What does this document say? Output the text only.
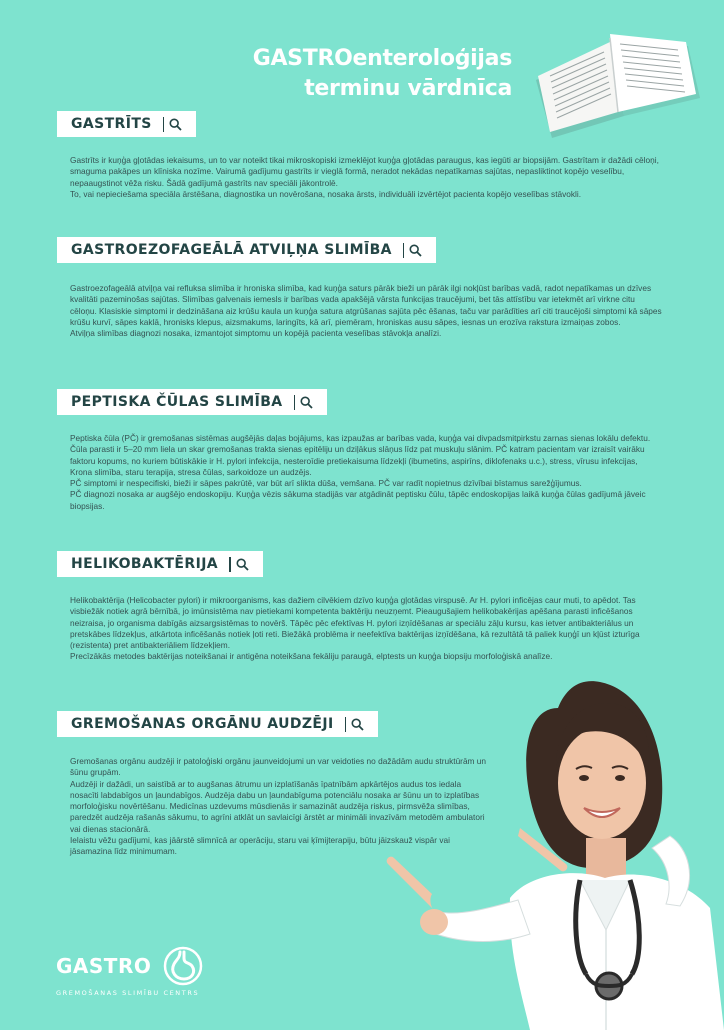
GASTROenteroloģijas
terminu vārdnīca
GASTRĪTS

Gastrīts ir kuņģa gļotādas iekaisums, un to var noteikt tikai mikroskopiski izmeklējot kuņģa gļotādas paraugus, kas iegūti ar biopsijām. Gastrītam ir dažādi cēloņi, smaguma pakāpes un klīniska nozīme. Vairumā gadījumu gastrīts ir vieglā formā, neradot nekādas nepatīkamas sajūtas, nepasliktinot kopējo veselību, nepaaugstinot vēža risku. Šādā gadījumā gastrīts nav speciāli jākontrolē.

To, vai nepieciešama speciāla ārstēšana, diagnostika un novērošana, nosaka ārsts, individuāli izvērtējot pacienta kopējo veselības stāvokli.

GASTROEZOFAGEĀLĀ ATVIĻŅA SLIMĪBA

Gastroezofageālā atviļņa vai refluksa slimība ir hroniska slimība, kad kuņģa saturs pārāk bieži un pārāk ilgi nokļūst barības vadā, radot nepatīkamas un dzīves kvalitāti pazeminošas sajūtas. Slimības galvenais iemesls ir barības vada apakšējā vārsta funkcijas traucējumi, bet tās attīstību var ietekmēt arī virkne citu cēloņu. Klasiskie simptomi ir dedzināšana aiz krūšu kaula un kuņģa satura atgrūšanas sajūta pēc ēšanas, taču var parādīties arī citi traucējoši simptomi kā sāpes krūšu kurvī, sāpes kaklā, hronisks klepus, aizsmakums, laringīts, kā arī, piemēram, hroniskas ausu sāpes, iesnas un erozīva rakstura izmaiņas zobos.

Atviļņa slimības diagnozi nosaka, izmantojot simptomu un kopējā pacienta veselības stāvokļa analīzi.

PEPTISKA ČŪLAS SLIMĪBA

Peptiska čūla (PČ) ir gremošanas sistēmas augšējās daļas bojājums, kas izpaužas ar barības vada, kuņģa vai divpadsmitpirkstu zarnas sienas lokālu defektu. Čūla parasti ir 5–20 mm liela un skar gremošanas trakta sienas epitēliju un dziļākus slāņus līdz pat muskuļu slānim. PČ katram pacientam var izraisīt vairāku faktoru kopums, no kuriem būtiskākie ir H. pylori infekcija, nesteroīdie pretiekaisuma līdzekļi (ibumetins, aspirīns, diklofenaks u.c.), stress, vīrusu infekcijas, Krona slimība, staru terapija, stresa čūlas, sarkoidoze un audzējs.

PČ simptomi ir nespecifiski, bieži ir sāpes pakrūtē, var būt arī slikta dūša, vemšana. PČ var radīt nopietnus dzīvībai bīstamus sarežģījumus.

PČ diagnozi nosaka ar augšējo endoskopiju. Kuņģa vēzis sākuma stadijās var atgādināt peptisku čūlu, tāpēc endoskopijas laikā kuņģa čūlas gadījumā jāveic biopsijas.

HELIKOBAKTĒRIJA

Helikobaktērija (Helicobacter pylori) ir mikroorganisms, kas dažiem cilvēkiem dzīvo kuņģa gļotādas virspusē. Ar H. pylori inficējas caur muti, to apēdot. Tas visbiežāk notiek agrā bērnībā, jo imūnsistēma nav pietiekami kompetenta baktēriju neuzņemt. Pieaugušajiem helikobakērijas apēšana parasti inficēšanos neizraisa, jo organisma dabīgās aizsargsistēmas to novērš. Tāpēc pēc efektīvas H. pylori izņīdēšanas ar speciālu zāļu kursu, kas ietver antibakteriālus un pretskābes līdzekļus, atkārtota inficēšanās notiek ļoti reti. Biežākā problēma ir neefektīva baktērijas izņīdēšana, kā rezultātā tā paliek kuņģī un kļūst izturīga (rezistenta) pret antibakteriāliem līdzekļiem.

Precīzākās metodes baktērijas noteikšanai ir antigēna noteikšana fekāliju paraugā, elptests un kuņģa biopsiju morfoloģiskā analīze.

GREMOŠANAS ORGĀNU AUDZĒJI

Gremošanas orgānu audzēji ir patoloģiski orgānu jaunveidojumi un var veidoties no dažādām audu struktūrām un šūnu grupām.

Audzēji ir dažādi, un saistībā ar to augšanas ātrumu un izplatīšanās īpatnībām apkārtējos audus tos iedala nosacīti labdabīgos un ļaundabīgos. Audzēja dabu un ļaundabīguma potenciālu nosaka ar šūnu un to izplatības morfoloģisku novērtēšanu. Medicīnas uzdevums mūsdienās ir samazināt audzēja riskus, pirmsvēža slimības, paredzēt audzēja rašanās sākumu, to agrīni atklāt un savlaicīgi ārstēt ar minimāli invazīvām metodēm ambulatori vai dienas stacionārā.

Ielaistu vēžu gadījumi, kas jāārstē slimnīcā ar operāciju, staru vai ķīmijterapiju, būtu jāizskauž vispār vai jāsamazina līdz minimumam.

GASTRO
GREMOŠANAS SLIMĪBU CENTRS
